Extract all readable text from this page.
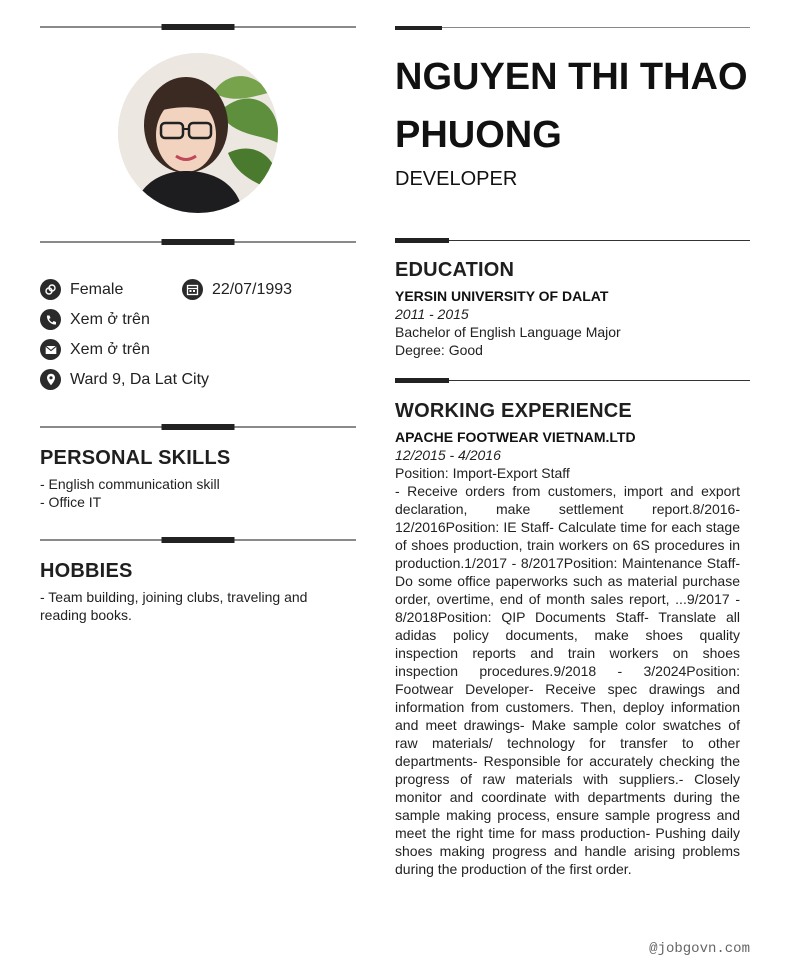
Female	22/07/1993
Xem ở trên
Xem ở trên
Ward 9, Da Lat City
PERSONAL SKILLS
- English communication skill
- Office IT
HOBBIES
- Team building, joining clubs, traveling and reading books.
NGUYEN THI THAO PHUONG
DEVELOPER
EDUCATION
YERSIN UNIVERSITY OF DALAT
2011 - 2015
Bachelor of English Language Major
Degree: Good
WORKING EXPERIENCE
APACHE FOOTWEAR VIETNAM.LTD
12/2015 - 4/2016
Position: Import-Export Staff
- Receive orders from customers, import and export declaration, make settlement report.8/2016-12/2016Position: IE Staff- Calculate time for each stage of shoes production, train workers on 6S procedures in production.1/2017 - 8/2017Position: Maintenance Staff- Do some office paperworks such as material purchase order, overtime, end of month sales report, ...9/2017 - 8/2018Position: QIP Documents Staff- Translate all adidas policy documents, make shoes quality inspection reports and train workers on shoes inspection procedures.9/2018 - 3/2024Position: Footwear Developer- Receive spec drawings and information from customers. Then, deploy information and meet drawings- Make sample color swatches of raw materials/ technology for transfer to other departments- Responsible for accurately checking the progress of raw materials with suppliers.‐ Closely monitor and coordinate with departments during the sample making process, ensure sample progress and meet the right time for mass production- Pushing daily shoes making progress and handle arising problems during the production of the first order.
@jobgovn.com
